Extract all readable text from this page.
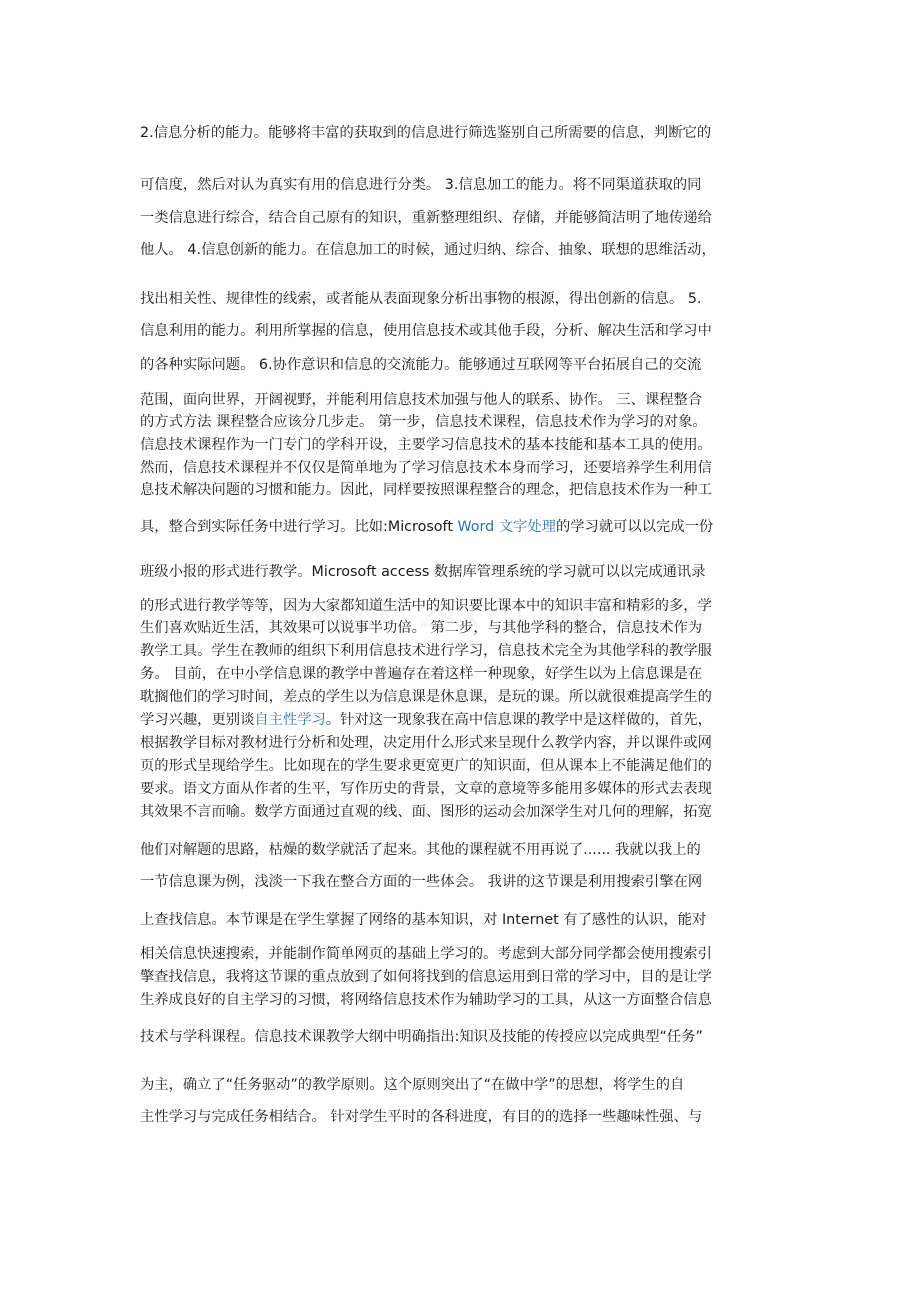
2.信息分析的能力。能够将丰富的获取到的信息进行筛选鉴别自己所需要的信息，判断它的
可信度，然后对认为真实有用的信息进行分类。 3.信息加工的能力。将不同渠道获取的同
一类信息进行综合，结合自己原有的知识，重新整理组织、存储，并能够简洁明了地传递给
他人。 4.信息创新的能力。在信息加工的时候，通过归纳、综合、抽象、联想的思维活动，
找出相关性、规律性的线索，或者能从表面现象分析出事物的根源，得出创新的信息。 5.
信息利用的能力。利用所掌握的信息，使用信息技术或其他手段，分析、解决生活和学习中
的各种实际问题。 6.协作意识和信息的交流能力。能够通过互联网等平台拓展自己的交流
范围，面向世界，开阔视野，并能利用信息技术加强与他人的联系、协作。 三、课程整合
的方式方法 课程整合应该分几步走。 第一步，信息技术课程，信息技术作为学习的对象。
信息技术课程作为一门专门的学科开设，主要学习信息技术的基本技能和基本工具的使用。
然而，信息技术课程并不仅仅是简单地为了学习信息技术本身而学习，还要培养学生利用信
息技术解决问题的习惯和能力。因此，同样要按照课程整合的理念，把信息技术作为一种工
具，整合到实际任务中进行学习。比如:Microsoft Word 文字处理的学习就可以以完成一份
班级小报的形式进行教学。Microsoft access 数据库管理系统的学习就可以以完成通讯录
的形式进行教学等等，因为大家都知道生活中的知识要比课本中的知识丰富和精彩的多，学
生们喜欢贴近生活，其效果可以说事半功倍。 第二步，与其他学科的整合，信息技术作为
教学工具。学生在教师的组织下利用信息技术进行学习，信息技术完全为其他学科的教学服
务。 目前，在中小学信息课的教学中普遍存在着这样一种现象，好学生以为上信息课是在
耽搁他们的学习时间，差点的学生以为信息课是休息课，是玩的课。所以就很难提高学生的
学习兴趣，更别谈自主性学习。针对这一现象我在高中信息课的教学中是这样做的，首先，
根据教学目标对教材进行分析和处理，决定用什么形式来呈现什么教学内容，并以课件或网
页的形式呈现给学生。比如现在的学生要求更宽更广的知识面，但从课本上不能满足他们的
要求。语文方面从作者的生平，写作历史的背景，文章的意境等多能用多媒体的形式去表现
其效果不言而喻。数学方面通过直观的线、面、图形的运动会加深学生对几何的理解，拓宽
他们对解题的思路，枯燥的数学就活了起来。其他的课程就不用再说了...... 我就以我上的
一节信息课为例，浅淡一下我在整合方面的一些体会。 我讲的这节课是利用搜索引擎在网
上查找信息。本节课是在学生掌握了网络的基本知识，对 Internet 有了感性的认识，能对
相关信息快速搜索，并能制作简单网页的基础上学习的。考虑到大部分同学都会使用搜索引
擎查找信息，我将这节课的重点放到了如何将找到的信息运用到日常的学习中，目的是让学
生养成良好的自主学习的习惯，将网络信息技术作为辅助学习的工具，从这一方面整合信息
技术与学科课程。信息技术课教学大纲中明确指出:知识及技能的传授应以完成典型“任务”
为主，确立了“任务驱动”的教学原则。这个原则突出了“在做中学”的思想，将学生的自
主性学习与完成任务相结合。 针对学生平时的各科进度，有目的的选择一些趣味性强、与
